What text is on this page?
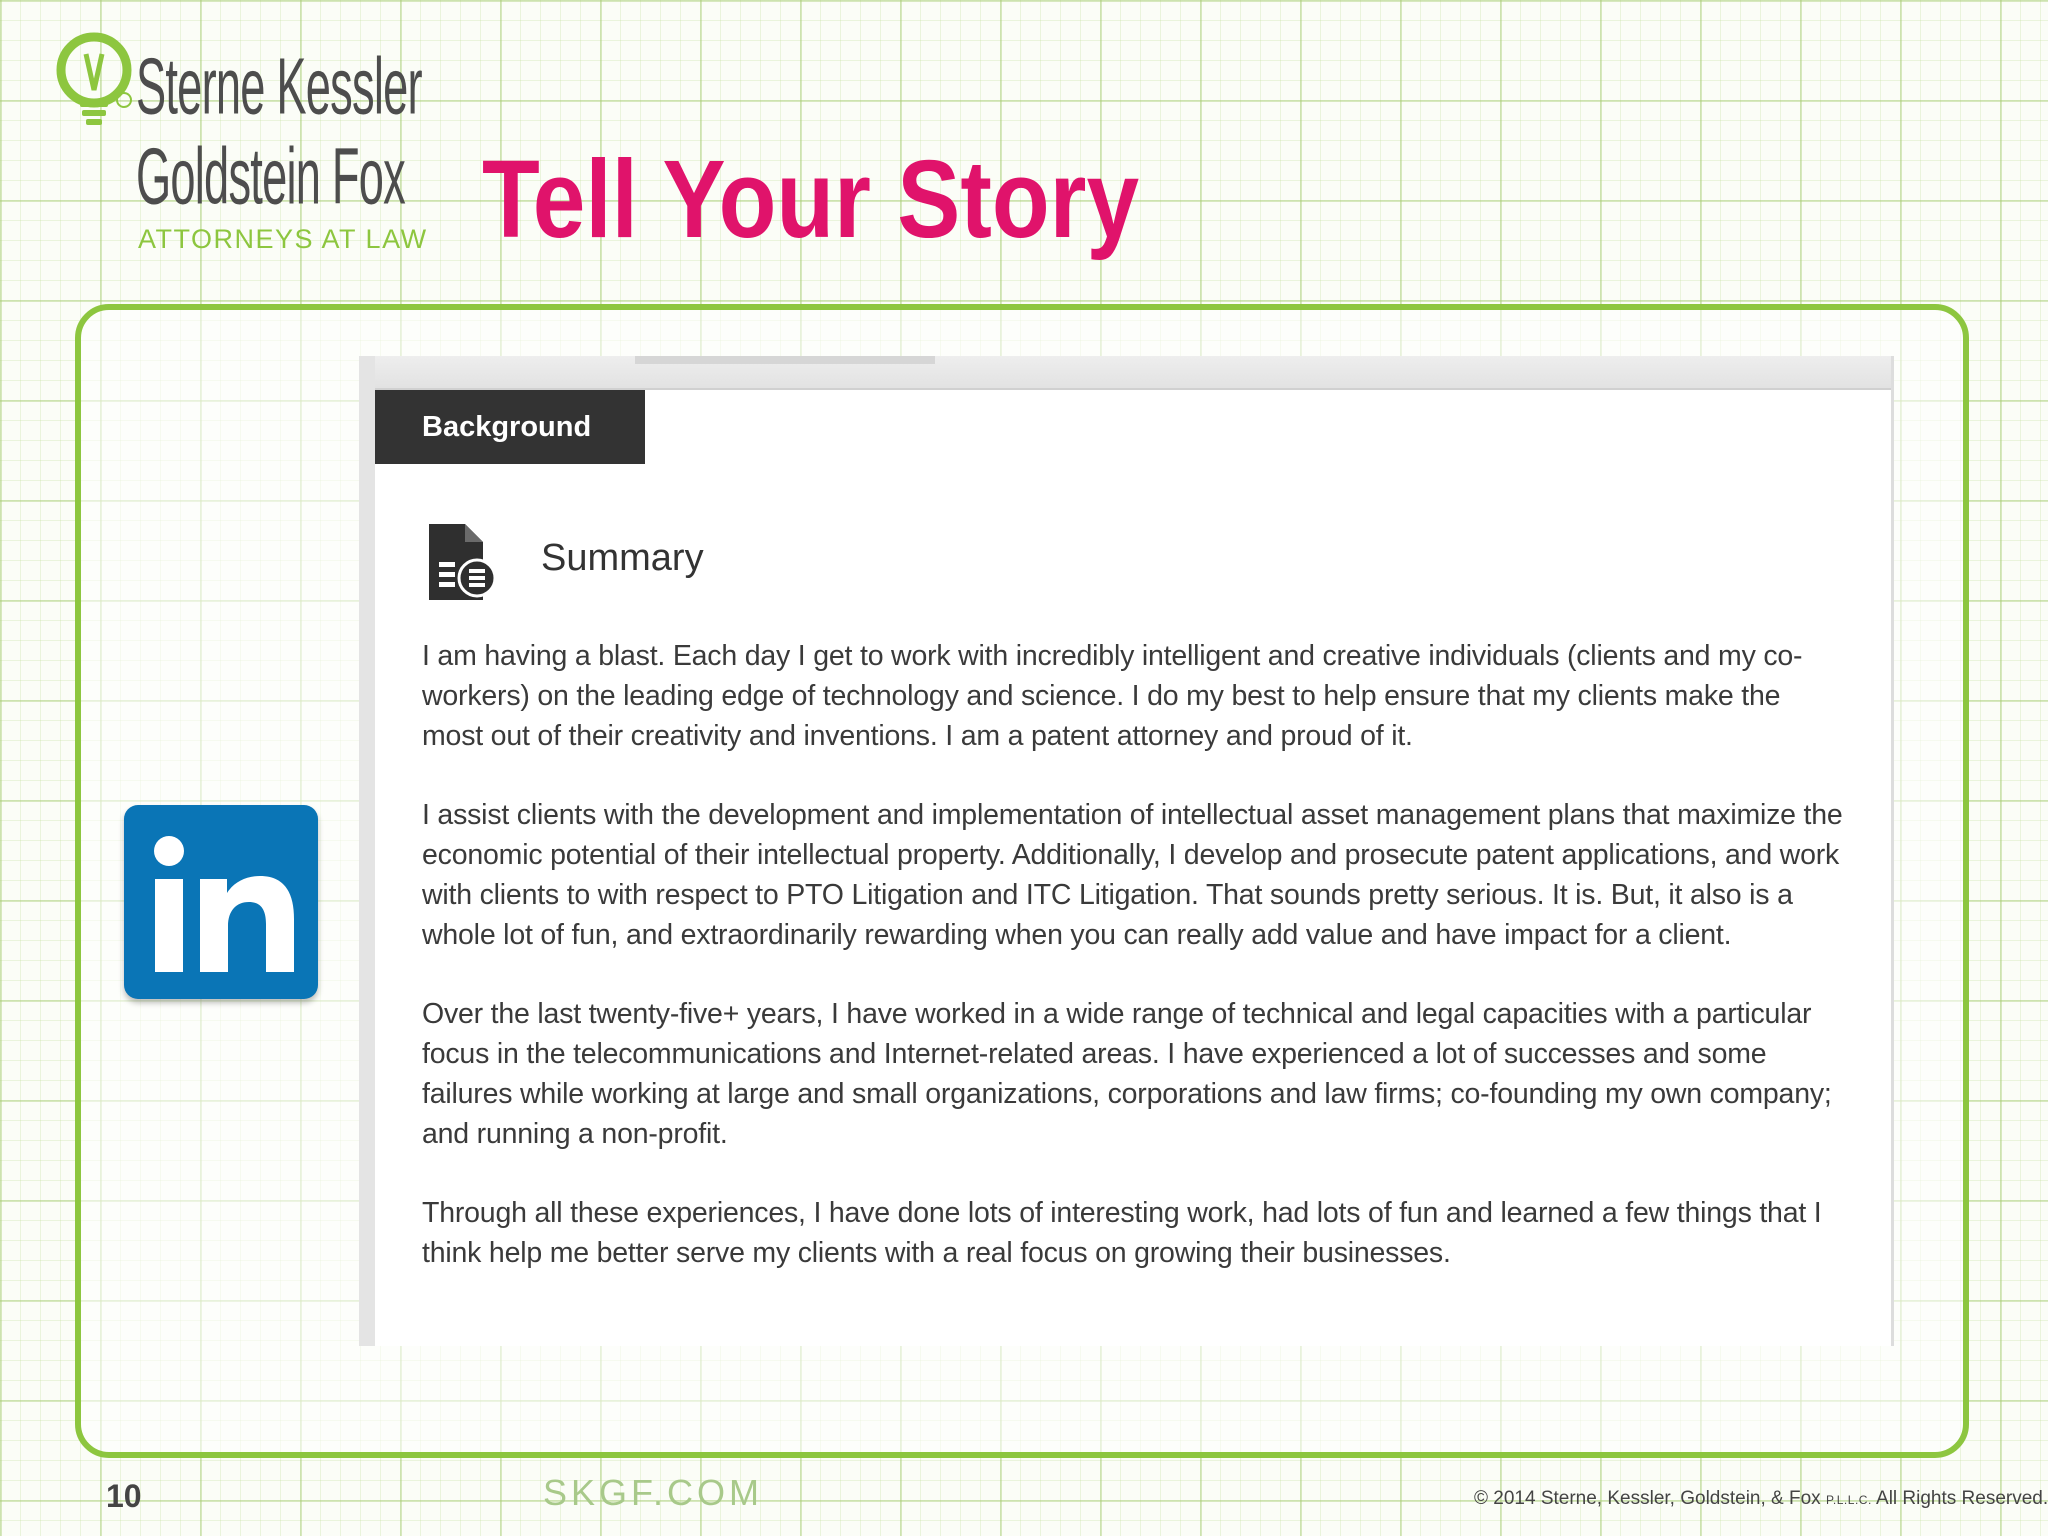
Sterne Kessler
Goldstein Fox
ATTORNEYS AT LAW Tell Your Story
Background
Summary

I am having a blast. Each day I get to work with incredibly intelligent and creative individuals (clients and my co-workers) on the leading edge of technology and science. I do my best to help ensure that my clients make the most out of their creativity and inventions. I am a patent attorney and proud of it.

I assist clients with the development and implementation of intellectual asset management plans that maximize the economic potential of their intellectual property. Additionally, I develop and prosecute patent applications, and work with clients to with respect to PTO Litigation and ITC Litigation. That sounds pretty serious. It is. But, it also is a whole lot of fun, and extraordinarily rewarding when you can really add value and have impact for a client.

Over the last twenty-five+ years, I have worked in a wide range of technical and legal capacities with a particular focus in the telecommunications and Internet-related areas. I have experienced a lot of successes and some failures while working at large and small organizations, corporations and law firms; co-founding my own company; and running a non-profit.

Through all these experiences, I have done lots of interesting work, had lots of fun and learned a few things that I think help me better serve my clients with a real focus on growing their businesses.

10	SKGF.COM	© 2014 Sterne, Kessler, Goldstein, & Fox P.L.L.C. All Rights Reserved.
